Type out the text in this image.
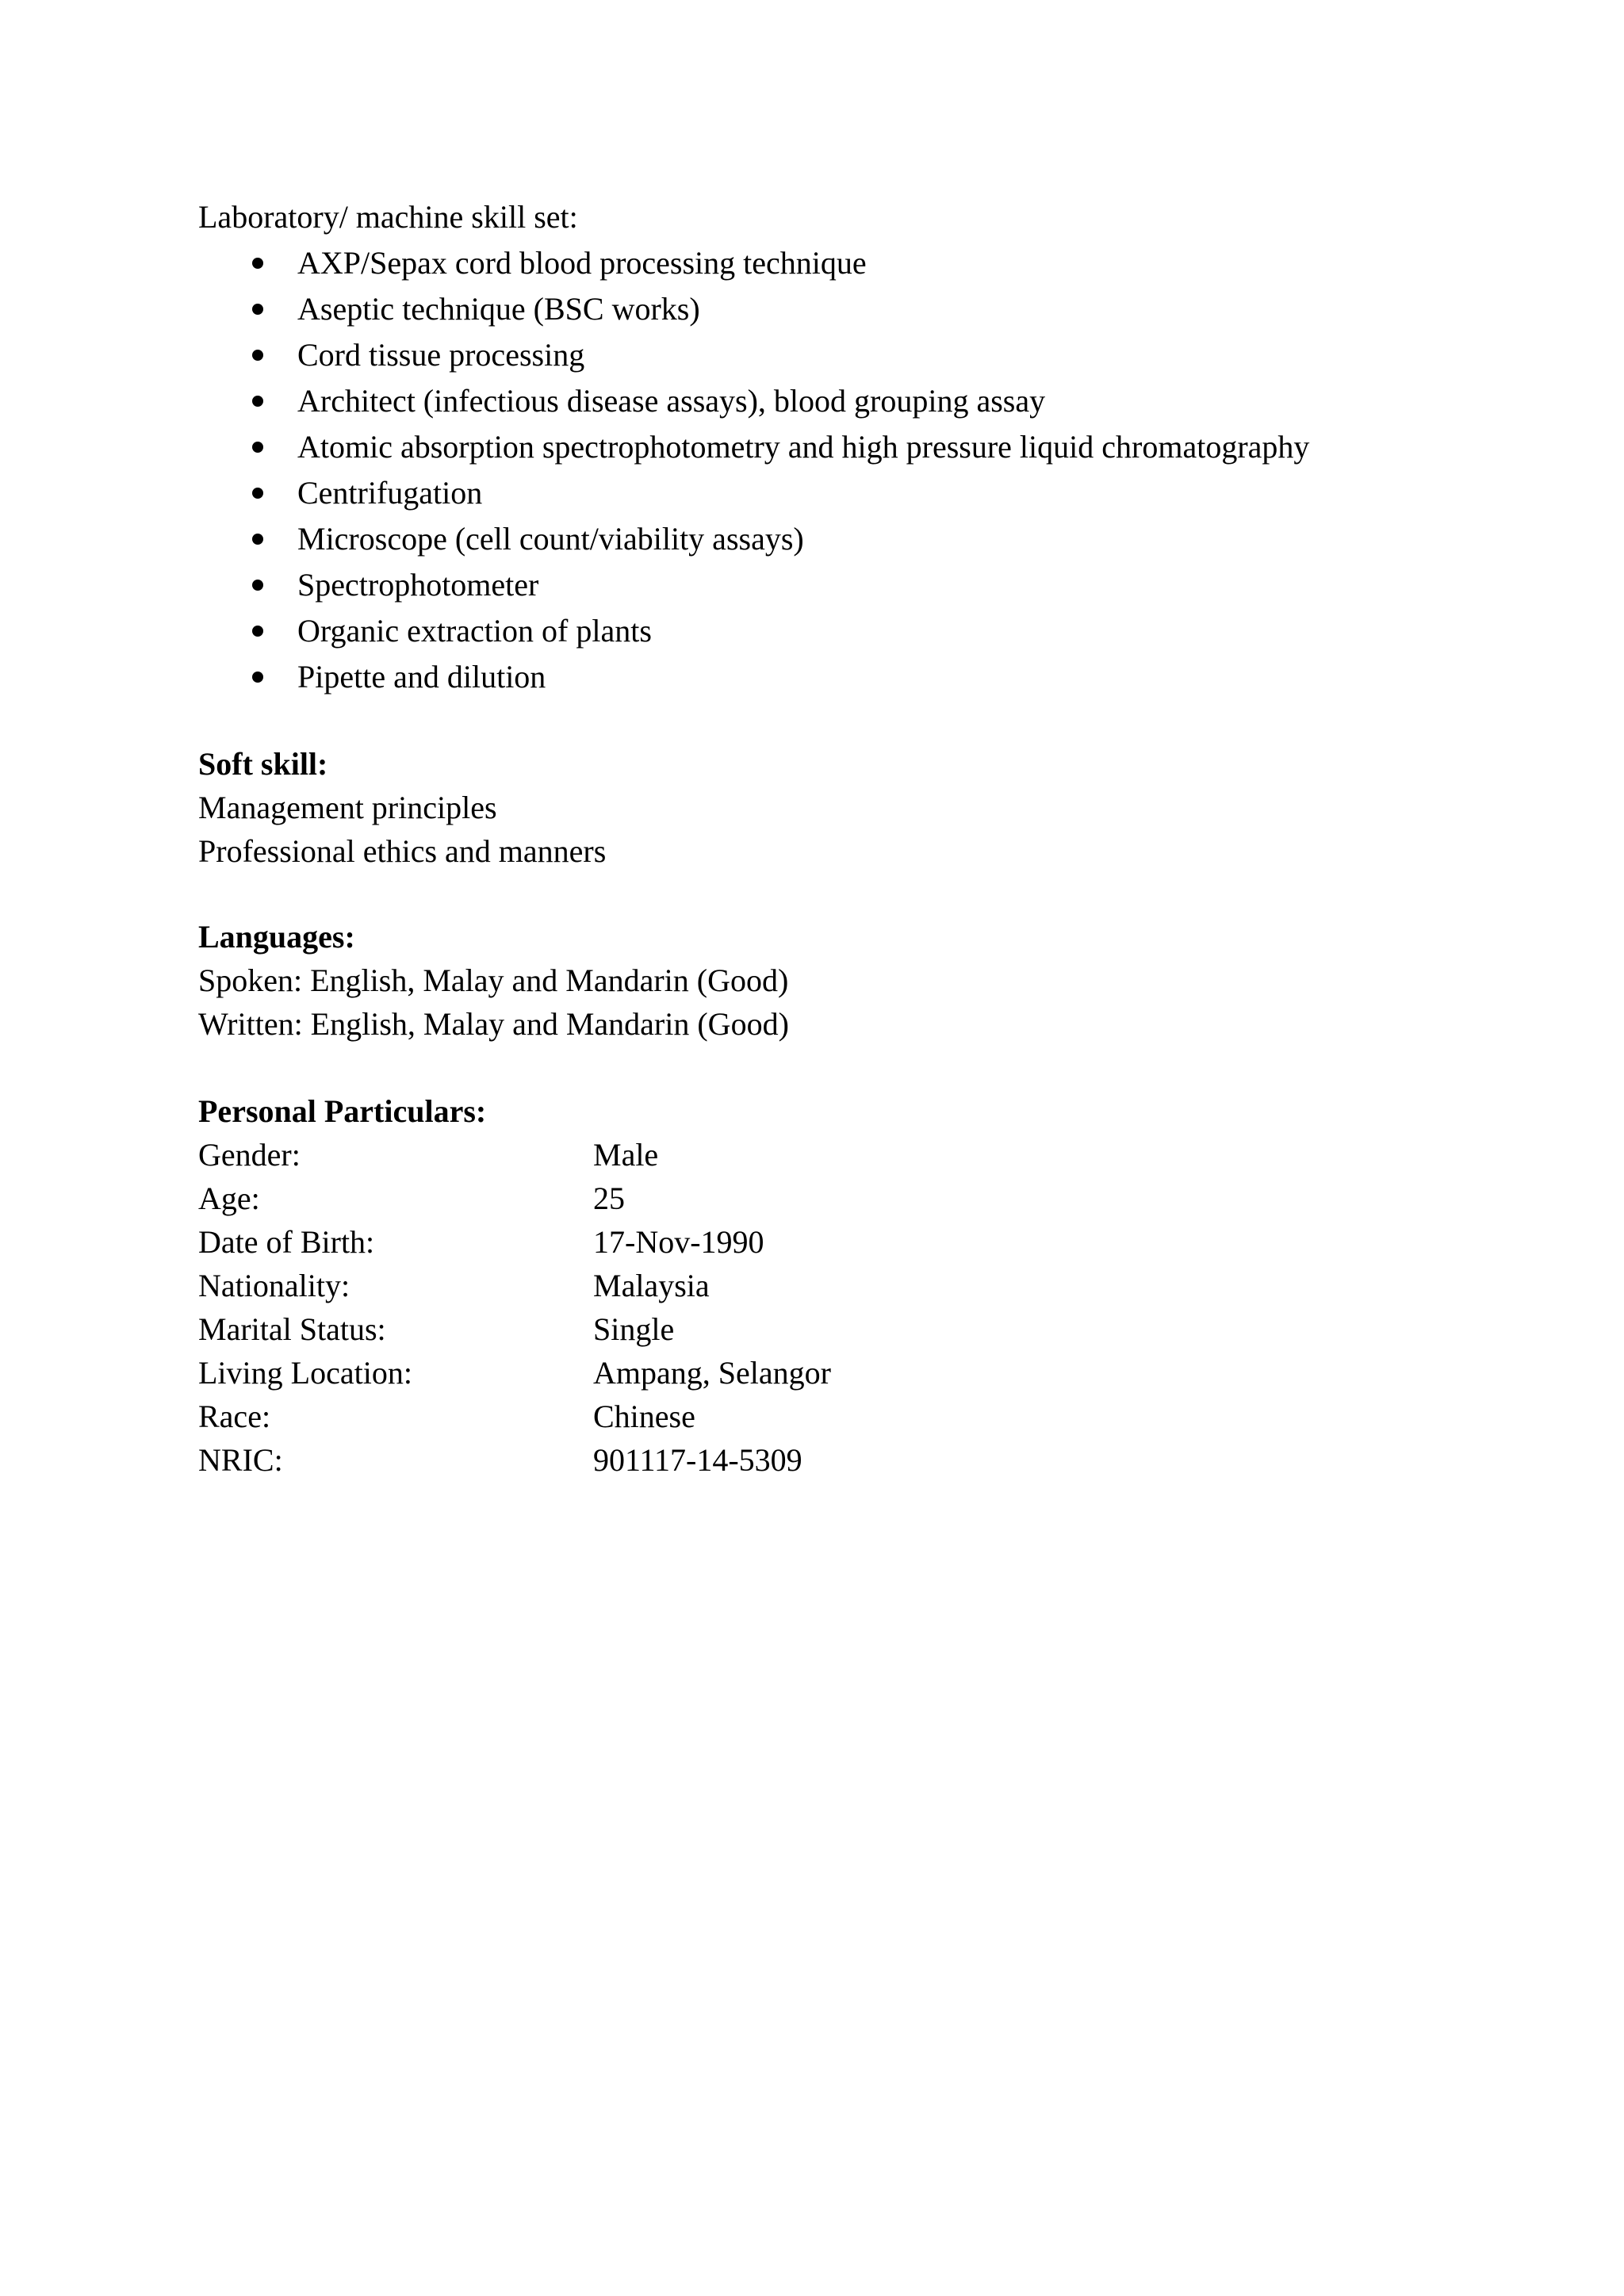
Laboratory/ machine skill set:
AXP/Sepax cord blood processing technique
Aseptic technique (BSC works)
Cord tissue processing
Architect (infectious disease assays), blood grouping assay
Atomic absorption spectrophotometry and high pressure liquid chromatography
Centrifugation
Microscope (cell count/viability assays)
Spectrophotometer
Organic extraction of plants
Pipette and dilution
Soft skill:
Management principles
Professional ethics and manners
Languages:
Spoken: English, Malay and Mandarin (Good)
Written: English, Malay and Mandarin (Good)
Personal Particulars:
Gender:	Male
Age:	25
Date of Birth:	17-Nov-1990
Nationality:	Malaysia
Marital Status:	Single
Living Location:	Ampang, Selangor
Race:	Chinese
NRIC:	901117-14-5309
